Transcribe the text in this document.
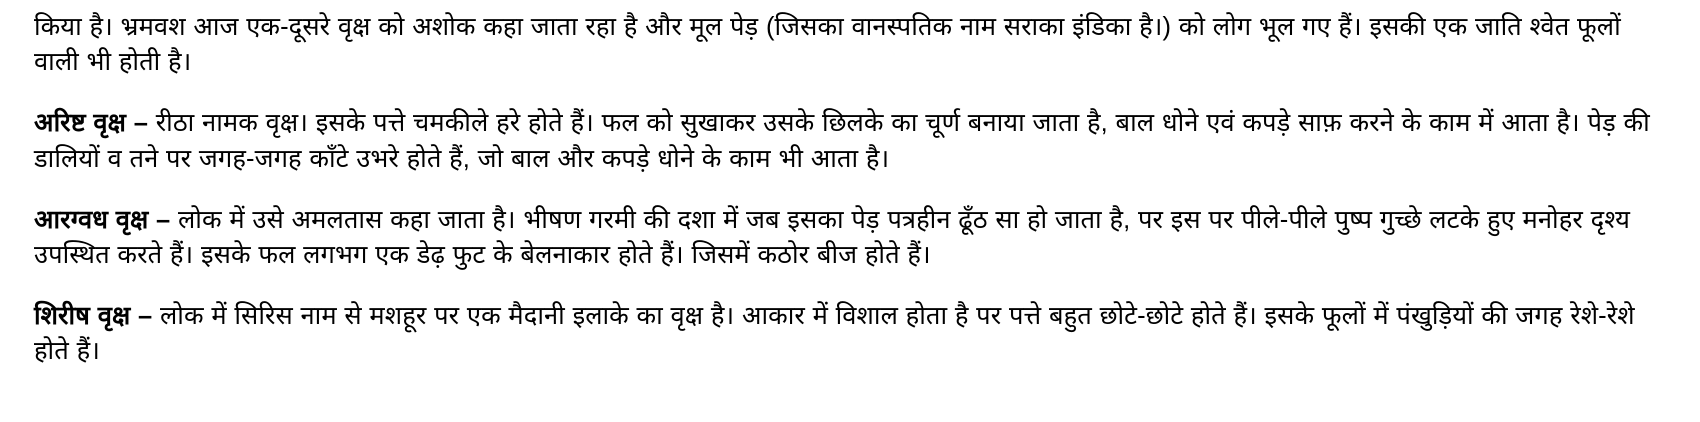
किया है। भ्रमवश आज एक-दूसरे वृक्ष को अशोक कहा जाता रहा है और मूल पेड़ (जिसका वानस्पतिक नाम सराका इंडिका है।) को लोग भूल गए हैं। इसकी एक जाति श्वेत फूलों वाली भी होती है।

अरिष्ट वृक्ष – रीठा नामक वृक्ष। इसके पत्ते चमकीले हरे होते हैं। फल को सुखाकर उसके छिलके का चूर्ण बनाया जाता है, बाल धोने एवं कपड़े साफ़ करने के काम में आता है। पेड़ की डालियों व तने पर जगह-जगह काँटे उभरे होते हैं, जो बाल और कपड़े धोने के काम भी आता है।

आरग्वध वृक्ष – लोक में उसे अमलतास कहा जाता है। भीषण गरमी की दशा में जब इसका पेड़ पत्रहीन ढूँठ सा हो जाता है, पर इस पर पीले-पीले पुष्प गुच्छे लटके हुए मनोहर दृश्य उपस्थित करते हैं। इसके फल लगभग एक डेढ़ फुट के बेलनाकार होते हैं। जिसमें कठोर बीज होते हैं।

शिरीष वृक्ष – लोक में सिरिस नाम से मशहूर पर एक मैदानी इलाके का वृक्ष है। आकार में विशाल होता है पर पत्ते बहुत छोटे-छोटे होते हैं। इसके फूलों में पंखुड़ियों की जगह रेशे-रेशे होते हैं।
